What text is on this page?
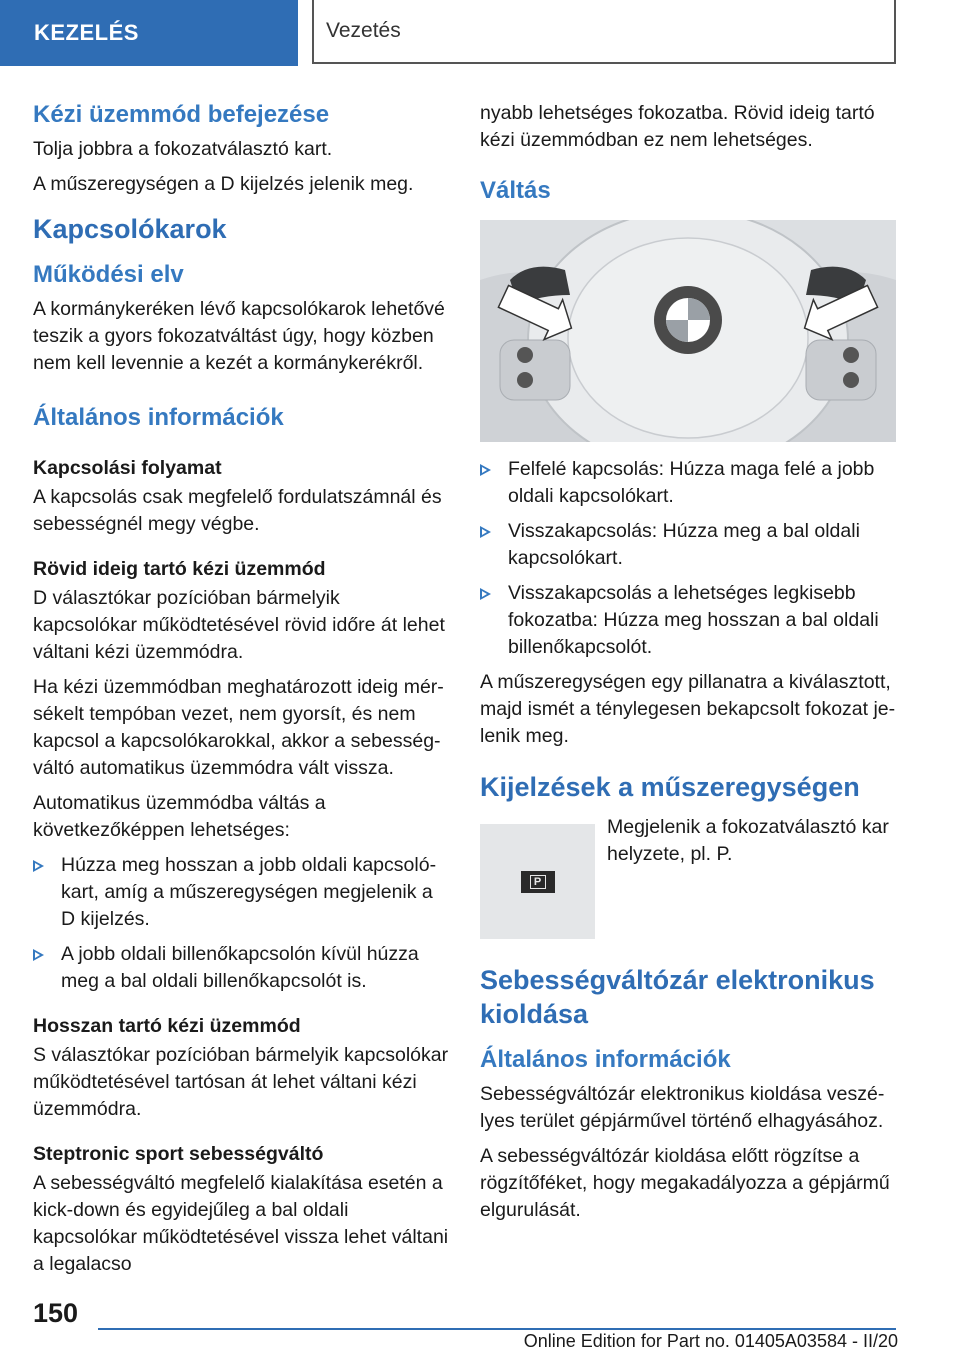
KEZELÉS	Vezetés
Kézi üzemmód befejezése

Tolja jobbra a fokozatválasztó kart.

A műszeregységen a D kijelzés jelenik meg.

Kapcsolókarok
Működési elv

A kormánykeréken lévő kapcsolókarok lehetővé teszik a gyors fokozatváltást úgy, hogy közben nem kell levennie a kezét a kormánykerékről.

Általános információk
Kapcsolási folyamat

A kapcsolás csak megfelelő fordulatszámnál és sebességnél megy végbe.

Rövid ideig tartó kézi üzemmód

D választókar pozícióban bármelyik kapcsolókar működtetésével rövid időre át lehet váltani kézi üzemmódra.

Ha kézi üzemmódban meghatározott ideig mérsékelt tempóban vezet, nem gyorsít, és nem kapcsol a kapcsolókarokkal, akkor a sebességváltó automatikus üzemmódra vált vissza.

Automatikus üzemmódba váltás a következőképpen lehetséges:

Húzza meg hosszan a jobb oldali kapcsolókart, amíg a műszeregységen megjelenik a D kijelzés.
A jobb oldali billenőkapcsolón kívül húzza meg a bal oldali billenőkapcsolót is.
Hosszan tartó kézi üzemmód

S választókar pozícióban bármelyik kapcsolókar működtetésével tartósan át lehet váltani kézi üzemmódra.

Steptronic sport sebességváltó

A sebességváltó megfelelő kialakítása esetén a kick-down és egyidejűleg a bal oldali kapcsolókar működtetésével vissza lehet váltani a legalacso

nyabb lehetséges fokozatba. Rövid ideig tartó kézi üzemmódban ez nem lehetséges.

Váltás
Felfelé kapcsolás: Húzza maga felé a jobb oldali kapcsolókart.
Visszakapcsolás: Húzza meg a bal oldali kapcsolókart.
Visszakapcsolás a lehetséges legkisebb fokozatba: Húzza meg hosszan a bal oldali billenőkapcsolót.

A műszeregységen egy pillanatra a kiválasztott, majd ismét a ténylegesen bekapcsolt fokozat jelenik meg.

Kijelzések a műszeregységen
P

Megjelenik a fokozatválasztó kar helyzete, pl. P.

Sebességváltózár elektronikus kioldása
Általános információk

Sebességváltózár elektronikus kioldása veszélyes terület gépjárművel történő elhagyásához.

A sebességváltózár kioldása előtt rögzítse a rögzítőféket, hogy megakadályozza a gépjármű elgurulását.

150
Online Edition for Part no. 01405A03584 - II/20
